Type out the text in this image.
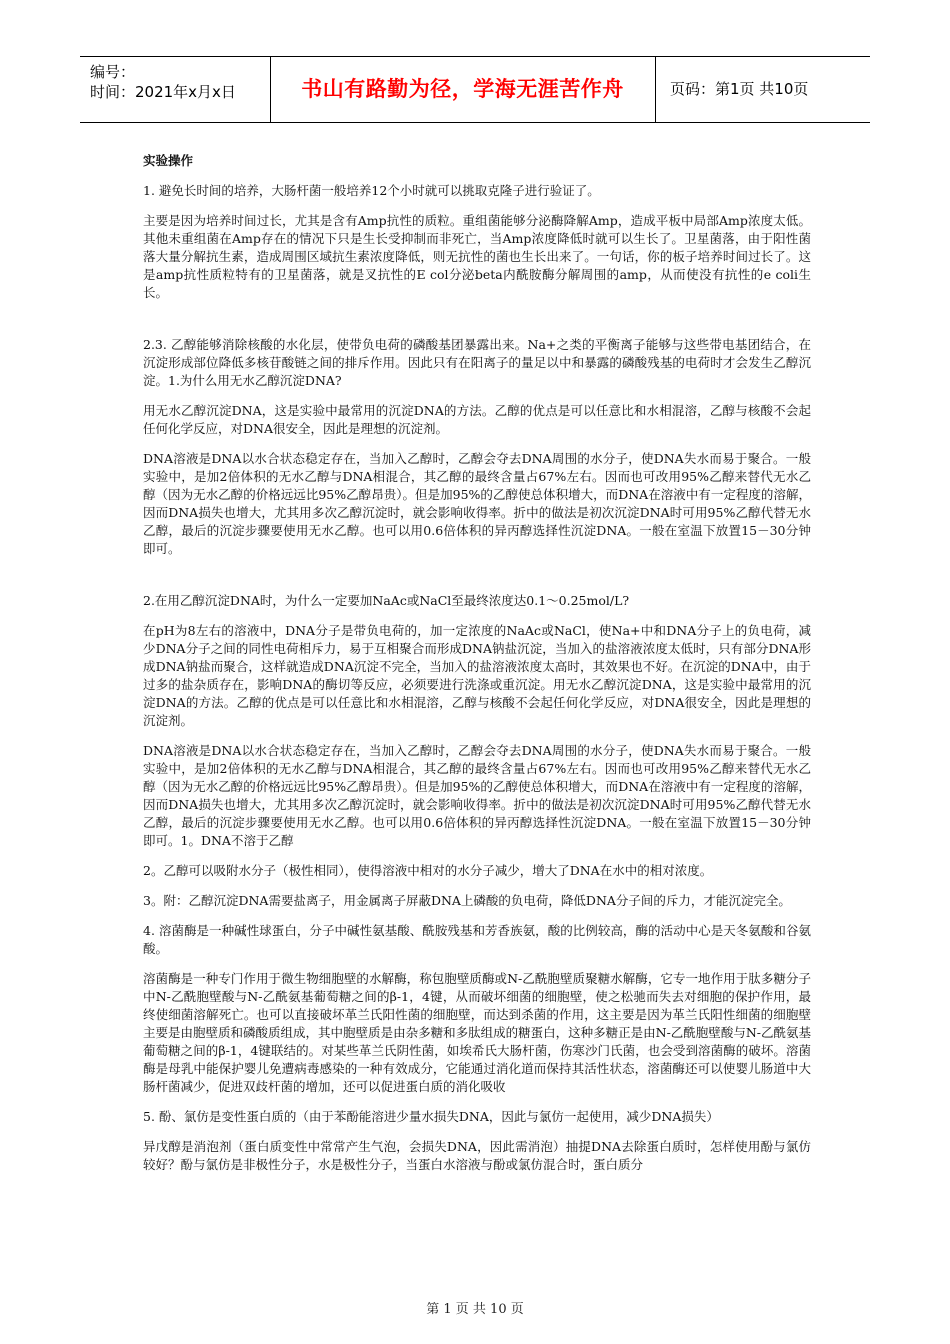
编号：
时间：2021年x月x日	书山有路勤为径，学海无涯苦作舟	页码：第1页 共10页

实验操作

1. 避免长时间的培养，大肠杆菌一般培养12个小时就可以挑取克隆子进行验证了。

主要是因为培养时间过长，尤其是含有Amp抗性的质粒。重组菌能够分泌酶降解Amp，造成平板中局部Amp浓度太低。其他未重组菌在Amp存在的情况下只是生长受抑制而非死亡，当Amp浓度降低时就可以生长了。卫星菌落，由于阳性菌落大量分解抗生素，造成周围区域抗生素浓度降低，则无抗性的菌也生长出来了。一句话，你的板子培养时间过长了。这是amp抗性质粒特有的卫星菌落，就是叉抗性的E col分泌beta内酰胺酶分解周围的amp，从而使没有抗性的e coli生长。

2.3. 乙醇能够消除核酸的水化层，使带负电荷的磷酸基团暴露出来。Na+之类的平衡离子能够与这些带电基团结合，在沉淀形成部位降低多核苷酸链之间的排斥作用。因此只有在阳离子的量足以中和暴露的磷酸残基的电荷时才会发生乙醇沉淀。1.为什么用无水乙醇沉淀DNA?

用无水乙醇沉淀DNA，这是实验中最常用的沉淀DNA的方法。乙醇的优点是可以任意比和水相混溶，乙醇与核酸不会起任何化学反应，对DNA很安全，因此是理想的沉淀剂。

DNA溶液是DNA以水合状态稳定存在，当加入乙醇时，乙醇会夺去DNA周围的水分子，使DNA失水而易于聚合。一般实验中，是加2倍体积的无水乙醇与DNA相混合，其乙醇的最终含量占67%左右。因而也可改用95%乙醇来替代无水乙醇（因为无水乙醇的价格远远比95%乙醇昂贵）。但是加95%的乙醇使总体积增大，而DNA在溶液中有一定程度的溶解，因而DNA损失也增大，尤其用多次乙醇沉淀时，就会影响收得率。折中的做法是初次沉淀DNA时可用95%乙醇代替无水乙醇，最后的沉淀步骤要使用无水乙醇。也可以用0.6倍体积的异丙醇选择性沉淀DNA。一般在室温下放置15－30分钟即可。

2.在用乙醇沉淀DNA时，为什么一定要加NaAc或NaCl至最终浓度达0.1～0.25mol/L?

在pH为8左右的溶液中，DNA分子是带负电荷的，加一定浓度的NaAc或NaCl，使Na+中和DNA分子上的负电荷，减少DNA分子之间的同性电荷相斥力，易于互相聚合而形成DNA钠盐沉淀，当加入的盐溶液浓度太低时，只有部分DNA形成DNA钠盐而聚合，这样就造成DNA沉淀不完全，当加入的盐溶液浓度太高时，其效果也不好。在沉淀的DNA中，由于过多的盐杂质存在，影响DNA的酶切等反应，必须要进行洗涤或重沉淀。用无水乙醇沉淀DNA，这是实验中最常用的沉淀DNA的方法。乙醇的优点是可以任意比和水相混溶，乙醇与核酸不会起任何化学反应，对DNA很安全，因此是理想的沉淀剂。

DNA溶液是DNA以水合状态稳定存在，当加入乙醇时，乙醇会夺去DNA周围的水分子，使DNA失水而易于聚合。一般实验中，是加2倍体积的无水乙醇与DNA相混合，其乙醇的最终含量占67%左右。因而也可改用95%乙醇来替代无水乙醇（因为无水乙醇的价格远远比95%乙醇昂贵）。但是加95%的乙醇使总体积增大，而DNA在溶液中有一定程度的溶解，因而DNA损失也增大，尤其用多次乙醇沉淀时，就会影响收得率。折中的做法是初次沉淀DNA时可用95%乙醇代替无水乙醇，最后的沉淀步骤要使用无水乙醇。也可以用0.6倍体积的异丙醇选择性沉淀DNA。一般在室温下放置15－30分钟即可。1。DNA不溶于乙醇

2。乙醇可以吸附水分子（极性相同），使得溶液中相对的水分子减少，增大了DNA在水中的相对浓度。

3。附：乙醇沉淀DNA需要盐离子，用金属离子屏蔽DNA上磷酸的负电荷，降低DNA分子间的斥力，才能沉淀完全。

4. 溶菌酶是一种碱性球蛋白，分子中碱性氨基酸、酰胺残基和芳香族氨，酸的比例较高，酶的活动中心是天冬氨酸和谷氨酸。

溶菌酶是一种专门作用于微生物细胞壁的水解酶，称包胞壁质酶或N-乙酰胞壁质聚糖水解酶，它专一地作用于肽多糖分子中N-乙酰胞壁酸与N-乙酰氨基葡萄糖之间的β-1，4键，从而破坏细菌的细胞壁，使之松驰而失去对细胞的保护作用，最终使细菌溶解死亡。也可以直接破坏革兰氏阳性菌的细胞壁，而达到杀菌的作用，这主要是因为革兰氏阳性细菌的细胞壁主要是由胞壁质和磷酸质组成，其中胞壁质是由杂多糖和多肽组成的糖蛋白，这种多糖正是由N-乙酰胞壁酸与N-乙酰氨基葡萄糖之间的β-1，4键联结的。对某些革兰氏阴性菌，如埃希氏大肠杆菌，伤寒沙门氏菌，也会受到溶菌酶的破坏。溶菌酶是母乳中能保护婴儿免遭病毒感染的一种有效成分，它能通过消化道而保持其活性状态，溶菌酶还可以使婴儿肠道中大肠杆菌减少，促进双歧杆菌的增加，还可以促进蛋白质的消化吸收

5. 酚、氯仿是变性蛋白质的（由于苯酚能溶进少量水损失DNA，因此与氯仿一起使用，减少DNA损失）

异戊醇是消泡剂（蛋白质变性中常常产生气泡，会损失DNA，因此需消泡）抽提DNA去除蛋白质时，怎样使用酚与氯仿较好？酚与氯仿是非极性分子，水是极性分子，当蛋白水溶液与酚或氯仿混合时，蛋白质分

第 1 页 共 10 页
